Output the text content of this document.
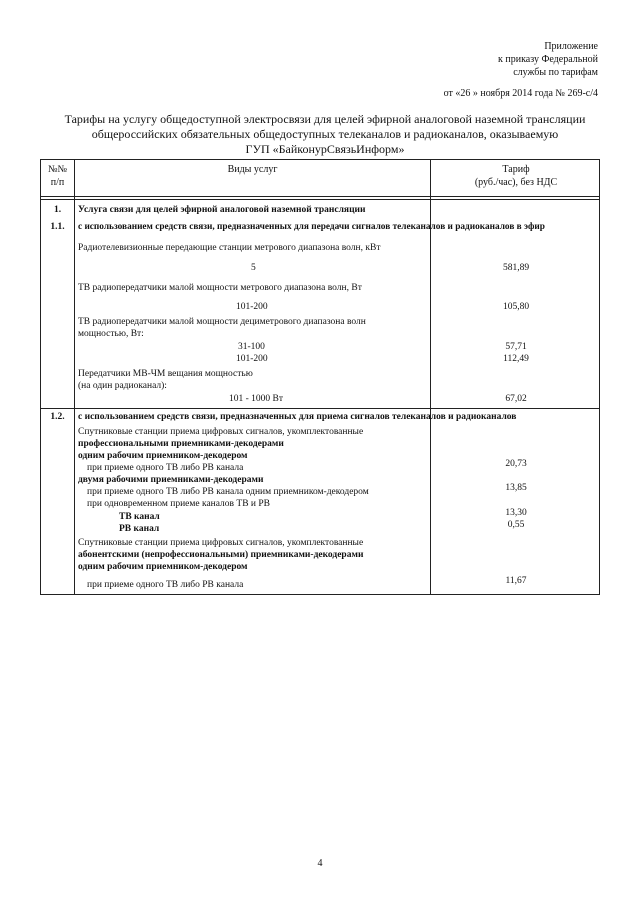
Приложение
к приказу Федеральной
службы по тарифам
от «26 » ноября 2014 года № 269-с/4
Тарифы на услугу общедоступной электросвязи для целей эфирной аналоговой наземной трансляции
общероссийских обязательных общедоступных телеканалов и радиоканалов, оказываемую
ГУП «БайконурСвязьИнформ»
№№
п/п
Виды услуг	Тариф
(руб./час), без НДС
1.	Услуга связи для целей эфирной аналоговой наземной трансляции
1.1.	с использованием средств связи, предназначенных для передачи сигналов телеканалов и радиоканалов в эфир
Радиотелевизионные передающие станции метрового диапазона волн, кВт
5	581,89
ТВ радиопередатчики малой мощности метрового диапазона волн, Вт
101-200	105,80
ТВ радиопередатчики малой мощности дециметрового диапазона волн
мощностью, Вт:
31-100	57,71
101-200	112,49
Передатчики МВ-ЧМ вещания мощностью
(на один радиоканал):
101 - 1000 Вт	67,02
1.2.	с использованием средств связи, предназначенных для приема сигналов телеканалов и радиоканалов
Спутниковые станции приема цифровых сигналов, укомплектованные
профессиональными приемниками-декодерами
одним рабочим приемником-декодером
при приеме одного ТВ либо РВ канала	20,73
двумя рабочими приемниками-декодерами
при приеме одного ТВ либо РВ канала одним приемником-декодером	13,85
при одновременном приеме каналов ТВ и РВ
ТВ канал	13,30
РВ канал	0,55
Спутниковые станции приема цифровых сигналов, укомплектованные
абонентскими (непрофессиональными) приемниками-декодерами
одним рабочим приемником-декодером
при приеме одного ТВ либо РВ канала	11,67
4
